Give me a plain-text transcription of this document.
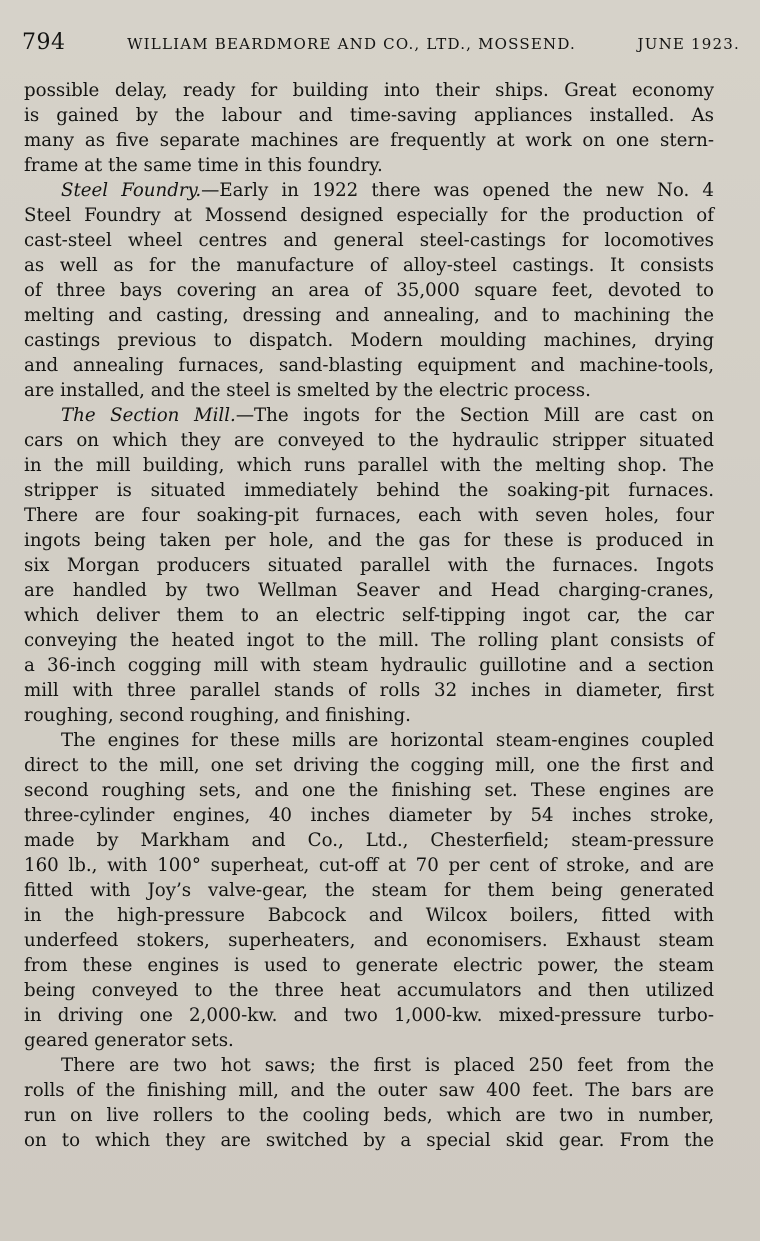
794	WILLIAM BEARDMORE AND CO., LTD., MOSSEND.	JUNE 1923.
possible delay, ready for building into their ships. Great economy
is gained by the labour and time-saving appliances installed. As
many as five separate machines are frequently at work on one stern-
frame at the same time in this foundry.
Steel Foundry.—Early in 1922 there was opened the new No. 4
Steel Foundry at Mossend designed especially for the production of
cast-steel wheel centres and general steel-castings for locomotives
as well as for the manufacture of alloy-steel castings. It consists
of three bays covering an area of 35,000 square feet, devoted to
melting and casting, dressing and annealing, and to machining the
castings previous to dispatch. Modern moulding machines, drying
and annealing furnaces, sand-blasting equipment and machine-tools,
are installed, and the steel is smelted by the electric process.
The Section Mill.—The ingots for the Section Mill are cast on
cars on which they are conveyed to the hydraulic stripper situated
in the mill building, which runs parallel with the melting shop. The
stripper is situated immediately behind the soaking-pit furnaces.
There are four soaking-pit furnaces, each with seven holes, four
ingots being taken per hole, and the gas for these is produced in
six Morgan producers situated parallel with the furnaces. Ingots
are handled by two Wellman Seaver and Head charging-cranes,
which deliver them to an electric self-tipping ingot car, the car
conveying the heated ingot to the mill. The rolling plant consists of
a 36-inch cogging mill with steam hydraulic guillotine and a section
mill with three parallel stands of rolls 32 inches in diameter, first
roughing, second roughing, and finishing.
The engines for these mills are horizontal steam-engines coupled
direct to the mill, one set driving the cogging mill, one the first and
second roughing sets, and one the finishing set. These engines are
three-cylinder engines, 40 inches diameter by 54 inches stroke,
made by Markham and Co., Ltd., Chesterfield; steam-pressure
160 lb., with 100° superheat, cut-off at 70 per cent of stroke, and are
fitted with Joy’s valve-gear, the steam for them being generated
in the high-pressure Babcock and Wilcox boilers, fitted with
underfeed stokers, superheaters, and economisers. Exhaust steam
from these engines is used to generate electric power, the steam
being conveyed to the three heat accumulators and then utilized
in driving one 2,000-kw. and two 1,000-kw. mixed-pressure turbo-
geared generator sets.
There are two hot saws; the first is placed 250 feet from the
rolls of the finishing mill, and the outer saw 400 feet. The bars are
run on live rollers to the cooling beds, which are two in number,
on to which they are switched by a special skid gear. From the
